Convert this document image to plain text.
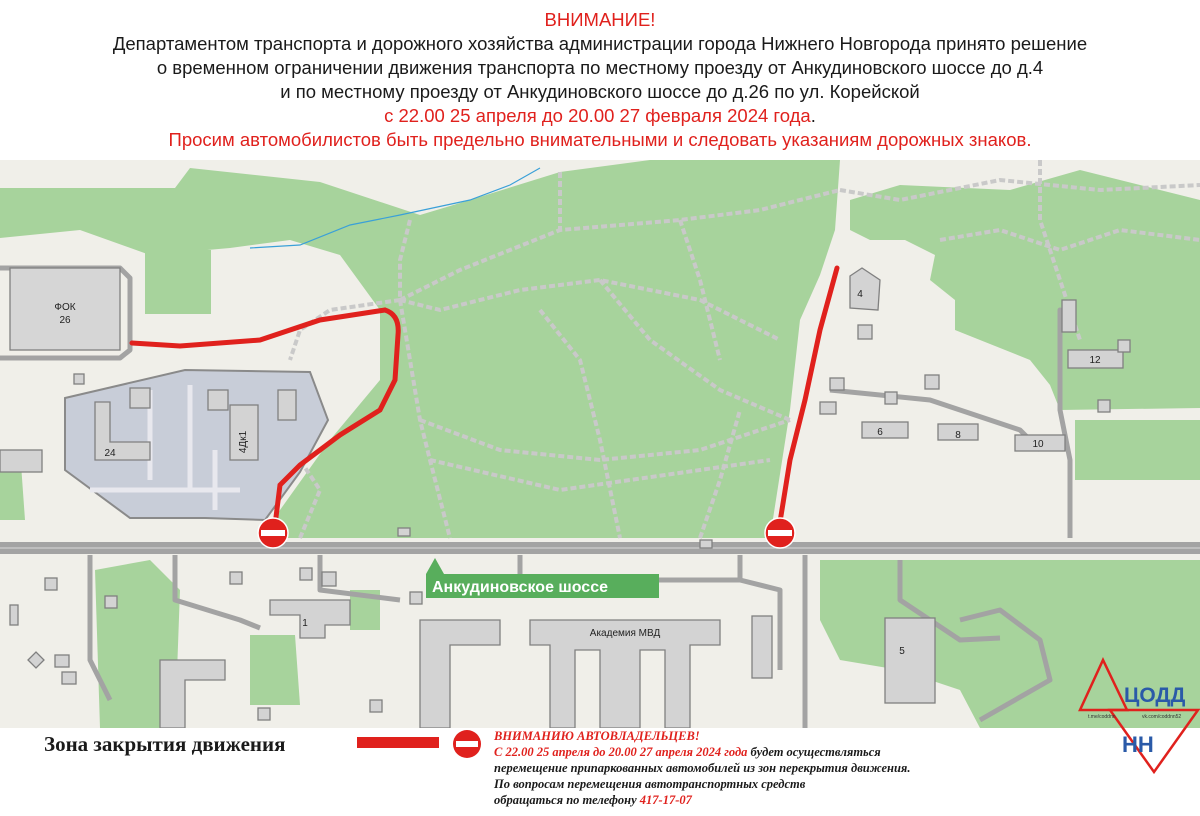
ВНИМАНИЕ!
Департаментом транспорта и дорожного хозяйства администрации города Нижнего Новгорода принято решение
о временном ограничении движения транспорта по местному проезду от Анкудиновского шоссе до д.4
и по местному проезду от Анкудиновского шоссе до д.26 по ул. Корейской
с 22.00 25 апреля до 20.00 27 февраля 2024 года.
Просим автомобилистов быть предельно внимательными и следовать указаниям дорожных знаков.
ФОК
26
24
4Дк1
4
12
6	8
10
1
Академия МВД
5
Анкудиновское шоссе
Зона закрытия движения	ВНИМАНИЮ АВТОВЛАДЕЛЬЦЕВ!
С 22.00 25 апреля до 20.00 27 апреля 2024 года будет осуществляться
перемещение припаркованных автомобилей из зон перекрытия движения.
По вопросам перемещения автотранспортных средств
обращаться по телефону 417-17-07
ЦОДД
t.me/coddnn	vk.com/coddnn52
НН
